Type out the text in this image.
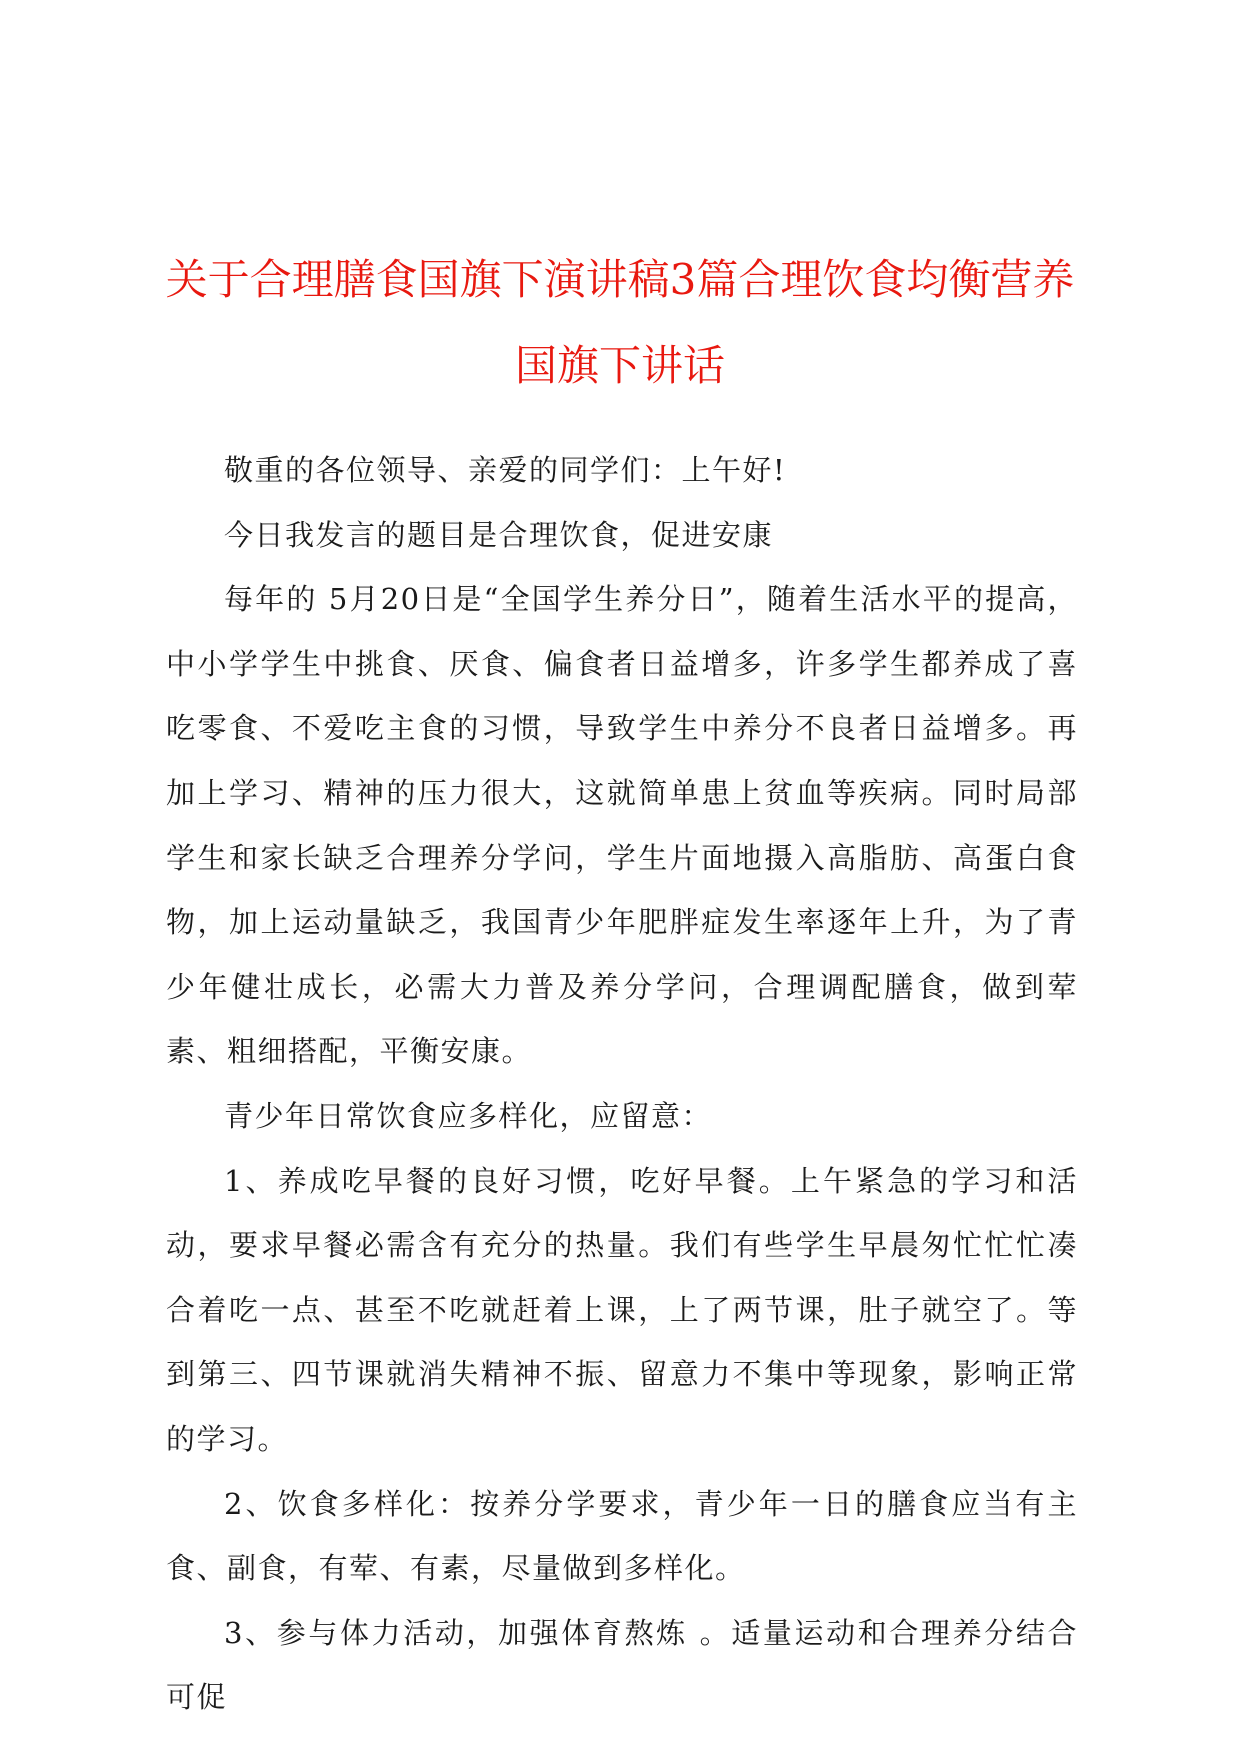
关于合理膳食国旗下演讲稿3篇合理饮食均衡营养国旗下讲话

敬重的各位领导、亲爱的同学们：上午好!

今日我发言的题目是合理饮食，促进安康

每年的 5月20日是“全国学生养分日”，随着生活水平的提高，中小学学生中挑食、厌食、偏食者日益增多，许多学生都养成了喜吃零食、不爱吃主食的习惯，导致学生中养分不良者日益增多。再加上学习、精神的压力很大，这就简单患上贫血等疾病。同时局部学生和家长缺乏合理养分学问，学生片面地摄入高脂肪、高蛋白食物，加上运动量缺乏，我国青少年肥胖症发生率逐年上升，为了青少年健壮成长，必需大力普及养分学问，合理调配膳食，做到荤素、粗细搭配，平衡安康。

青少年日常饮食应多样化，应留意：

1、养成吃早餐的良好习惯，吃好早餐。上午紧急的学习和活动，要求早餐必需含有充分的热量。我们有些学生早晨匆忙忙忙凑合着吃一点、甚至不吃就赶着上课，上了两节课，肚子就空了。等到第三、四节课就消失精神不振、留意力不集中等现象，影响正常的学习。

2、饮食多样化：按养分学要求，青少年一日的膳食应当有主食、副食，有荤、有素，尽量做到多样化。

3、参与体力活动，加强体育熬炼 。适量运动和合理养分结合可促
